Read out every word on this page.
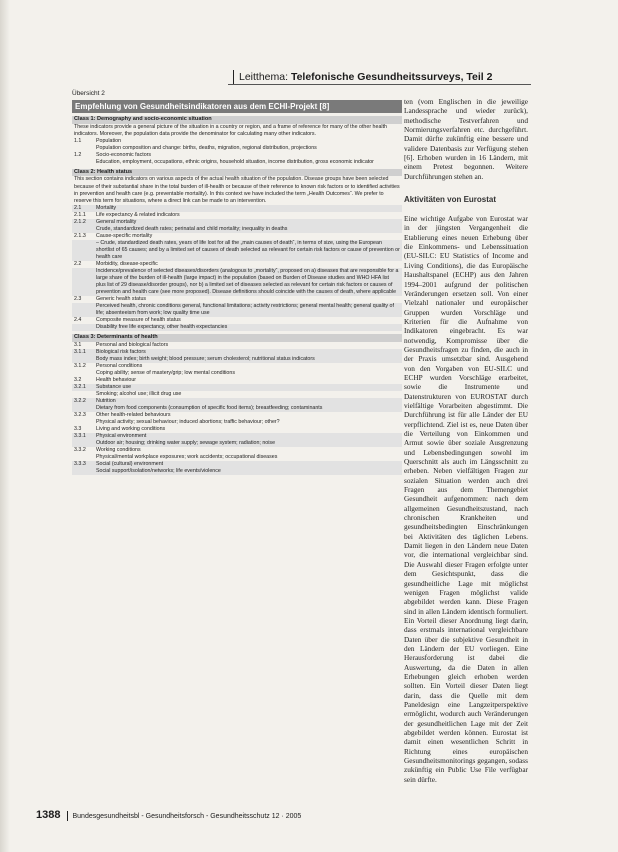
Leitthema: Telefonische Gesundheitssurveys, Teil 2
Übersicht 2
Empfehlung von Gesundheitsindikatoren aus dem ECHI-Projekt [8]
Class 1: Demography and socio-economic situation
These indicators provide a general picture of the situation in a country or region, and a frame of reference for many of the other health indicators. Moreover, the population data provide the denominator for calculating many other indicators.
1.1	Population
Population composition and change: births, deaths, migration, regional distribution, projections
1.2	Socio-economic factors
Education, employment, occupations, ethnic origins, household situation, income distribution, gross economic indicator
Class 2: Health status
This section contains indicators on various aspects of the actual health situation of the population. Disease groups have been selected because of their substantial share in the total burden of ill-health or because of their reference to known risk factors or to identified activities in prevention and health care (e.g. preventable mortality). In this context we have included the term „Health Outcomes“. We prefer to reserve this term for situations, where a direct link can be made to an intervention.
2.1	Mortality
2.1.1	Life expectancy & related indicators
2.1.2	General mortality
Crude, standardized death rates; perinatal and child mortality; inequality in deaths
2.1.3	Cause-specific mortality
– Crude, standardized death rates, years of life lost for all the „main causes of death“, in terms of size, using the European shortlist of 65 causes; and by a limited set of causes of death selected as relevant for certain risk factors or cause of prevention or health care
2.2	Morbidity, disease-specific
Incidence/prevalence of selected diseases/disorders (analogous to „mortality“, proposed on a) diseases that are responsible for a large share of the burden of ill-health (large impact) in the population (based on Burden of Disease studies and WHO HFA list plus list of 29 disease/disorder groups), nor b) a limited set of diseases selected as relevant for certain risk factors or causes of prevention and health care (see more proposed). Disease definitions should coincide with the causes of death, where applicable
2.3	Generic health status
Perceived health, chronic conditions general, functional limitations; activity restrictions; general mental health; general quality of life; absenteeism from work; low quality time use
2.4	Composite measure of health status
Disability free life expectancy, other health expectancies
Class 3: Determinants of health
3.1	Personal and biological factors
3.1.1	Biological risk factors
Body mass index; birth weight; blood pressure; serum cholesterol; nutritional status indicators
3.1.2	Personal conditions
Coping ability; sense of mastery/grip; low mental conditions
3.2	Health behaviour
3.2.1	Substance use
Smoking; alcohol use; illicit drug use
3.2.2	Nutrition
Dietary from food components (consumption of specific food items); breastfeeding; contaminants
3.2.3	Other health-related behaviours
Physical activity; sexual behaviour; induced abortions; traffic behaviour; other?
3.3	Living and working conditions
3.3.1	Physical environment
Outdoor air; housing; drinking water supply; sewage system; radiation; noise
3.3.2	Working conditions
Physical/mental workplace exposures; work accidents; occupational diseases
3.3.3	Social (cultural) environment
Social support/isolation/networks; life events/violence

ten (vom Englischen in die jeweilige Landessprache und wieder zurück), methodische Testverfahren und Normierungsverfahren etc. durchgeführt. Damit dürfte zukünftig eine bessere und validere Datenbasis zur Verfügung stehen [6]. Erhoben wurden in 16 Ländern, mit einem Pretest begonnen. Weitere Durchführungen stehen an.

Aktivitäten von Eurostat

Eine wichtige Aufgabe von Eurostat war in der jüngsten Vergangenheit die Etablierung eines neuen Erhebung über die Einkommens- und Lebenssituation (EU-SILC: EU Statistics of Income and Living Conditions), die das Europäische Haushaltspanel (ECHP) aus den Jahren 1994–2001 aufgrund der politischen Veränderungen ersetzen soll. Von einer Vielzahl nationaler und europäischer Gruppen wurden Vorschläge und Kriterien für die Aufnahme von Indikatoren eingebracht. Es war notwendig, Kompromisse über die Gesundheitsfragen zu finden, die auch in der Praxis umsetzbar sind. Ausgehend von den Vorgaben von EU-SILC und ECHP wurden Vorschläge erarbeitet, sowie die Instrumente und Datenstrukturen von EUROSTAT durch vielfältige Vorarbeiten abgestimmt. Die Durchführung ist für alle Länder der EU verpflichtend. Ziel ist es, neue Daten über die Verteilung von Einkommen und Armut sowie über soziale Ausgrenzung und Lebensbedingungen sowohl im Querschnitt als auch im Längsschnitt zu erheben. Neben vielfältigen Fragen zur sozialen Situation werden auch drei Fragen aus dem Themengebiet Gesundheit aufgenommen: nach dem allgemeinen Gesundheitszustand, nach chronischen Krankheiten und gesundheitsbedingten Einschränkungen bei Aktivitäten des täglichen Lebens. Damit liegen in den Ländern neue Daten vor, die international vergleichbar sind. Die Auswahl dieser Fragen erfolgte unter dem Gesichtspunkt, dass die gesundheitliche Lage mit möglichst wenigen Fragen möglichst valide abgebildet werden kann. Diese Fragen sind in allen Ländern identisch formuliert. Ein Vorteil dieser Anordnung liegt darin, dass erstmals international vergleichbare Daten über die subjektive Gesundheit in den Ländern der EU vorliegen. Eine Herausforderung ist dabei die Auswertung, da die Daten in allen Erhebungen gleich erhoben werden sollten. Ein Vorteil dieser Daten liegt darin, dass die Quelle mit dem Paneldesign eine Langzeitperspektive ermöglicht, wodurch auch Veränderungen der gesundheitlichen Lage mit der Zeit abgebildet werden können. Eurostat ist damit einen wesentlichen Schritt in Richtung eines europäischen Gesundheitsmonitorings gegangen, sodass zukünftig ein Public Use File verfügbar sein dürfte.

1388 Bundesgesundheitsbl - Gesundheitsforsch - Gesundheitsschutz 12 · 2005
